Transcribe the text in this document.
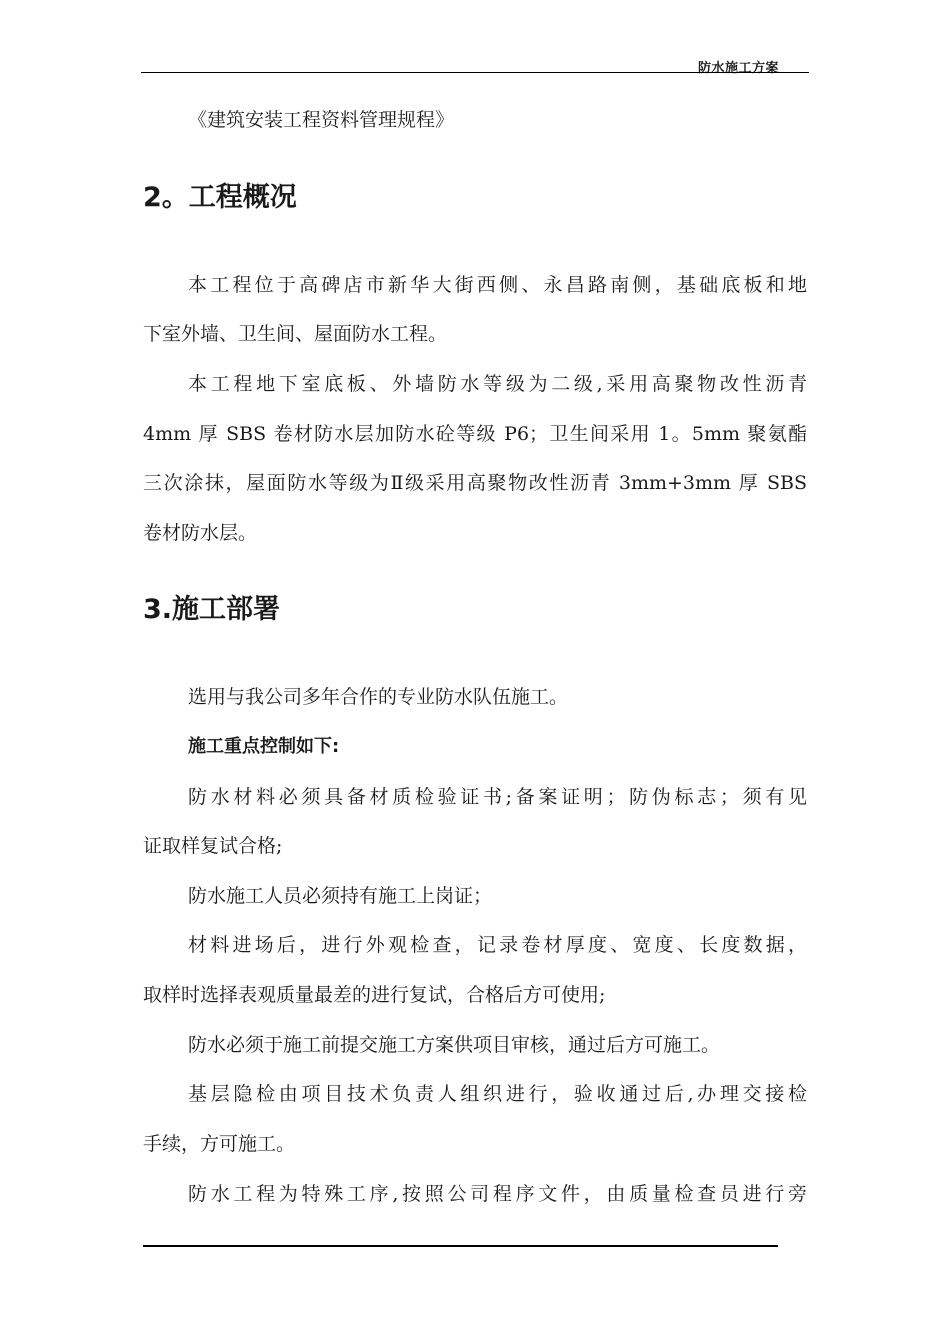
防水施工方案
《建筑安装工程资料管理规程》
2。工程概况
本工程位于高碑店市新华大街西侧、永昌路南侧，基础底板和地
下室外墙、卫生间、屋面防水工程。
本工程地下室底板、外墙防水等级为二级,采用高聚物改性沥青
4mm 厚 SBS 卷材防水层加防水砼等级 P6；卫生间采用 1。5mm 聚氨酯
三次涂抹，屋面防水等级为Ⅱ级采用高聚物改性沥青 3mm+3mm 厚 SBS
卷材防水层。
3.施工部署
选用与我公司多年合作的专业防水队伍施工。
施工重点控制如下:
防水材料必须具备材质检验证书;备案证明；防伪标志；须有见
证取样复试合格;
防水施工人员必须持有施工上岗证；
材料进场后，进行外观检查，记录卷材厚度、宽度、长度数据，
取样时选择表观质量最差的进行复试，合格后方可使用;
防水必须于施工前提交施工方案供项目审核，通过后方可施工。
基层隐检由项目技术负责人组织进行，验收通过后,办理交接检
手续，方可施工。
防水工程为特殊工序,按照公司程序文件，由质量检查员进行旁
